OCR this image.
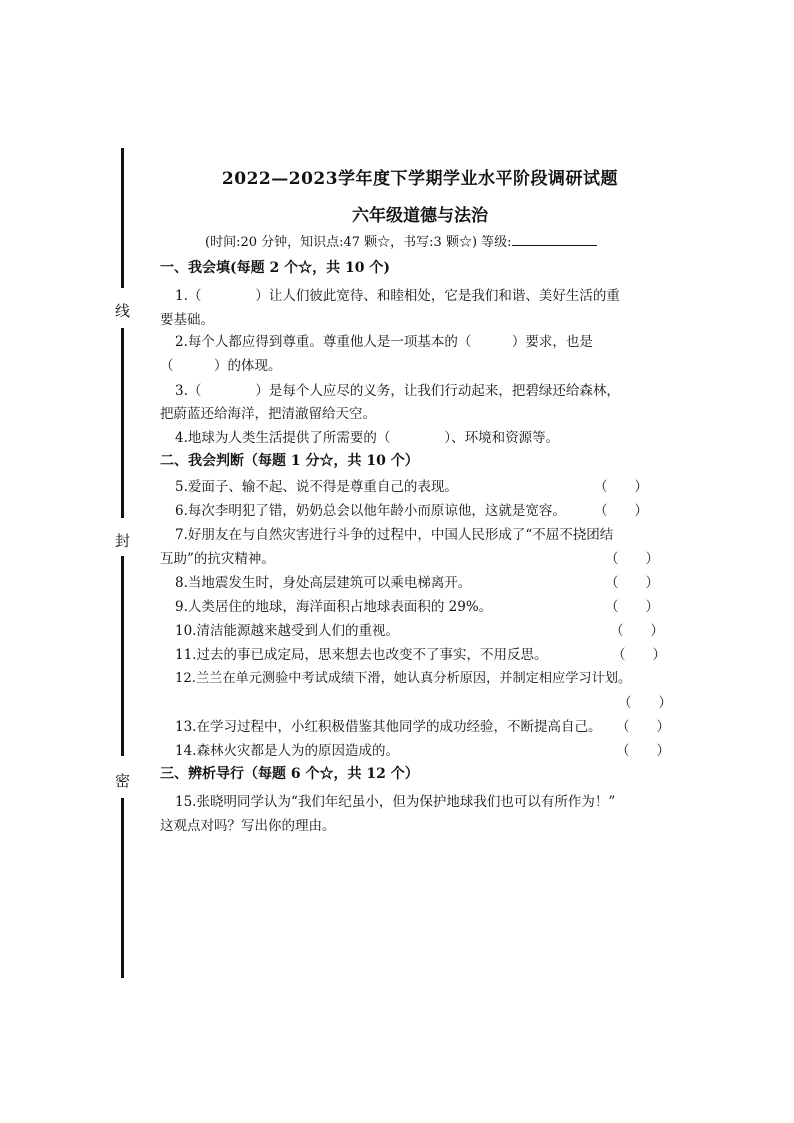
线
封
密
2022—2023学年度下学期学业水平阶段调研试题
六年级道德与法治
(时间:20 分钟，知识点:47 颗☆，书写:3 颗☆) 等级:
一、我会填(每题 2 个☆，共 10 个)
1.（　　　　）让人们彼此宽待、和睦相处，它是我们和谐、美好生活的重
要基础。
2.每个人都应得到尊重。尊重他人是一项基本的（　　　）要求，也是
（　　　）的体现。
3.（　　　　）是每个人应尽的义务，让我们行动起来，把碧绿还给森林，
把蔚蓝还给海洋，把清澈留给天空。
4.地球为人类生活提供了所需要的（　　　　）、环境和资源等。
二、我会判断（每题 1 分☆，共 10 个）
5.爱面子、输不起、说不得是尊重自己的表现。	（　　）
6.每次李明犯了错，奶奶总会以他年龄小而原谅他，这就是宽容。 （　　）
7.好朋友在与自然灾害进行斗争的过程中，中国人民形成了“不屈不挠团结
互助”的抗灾精神。	（　　）
8.当地震发生时，身处高层建筑可以乘电梯离开。	（　　）
9.人类居住的地球，海洋面积占地球表面积的 29%。	（　　）
10.清洁能源越来越受到人们的重视。	（　　）
11.过去的事已成定局，思来想去也改变不了事实，不用反思。	（　　）
12.兰兰在单元测验中考试成绩下滑，她认真分析原因，并制定相应学习计划。
（　　）
13.在学习过程中，小红积极借鉴其他同学的成功经验，不断提高自己。 （　　）
14.森林火灾都是人为的原因造成的。	（　　）
三、辨析导行（每题 6 个☆，共 12 个）
15.张晓明同学认为“我们年纪虽小，但为保护地球我们也可以有所作为！”
这观点对吗？写出你的理由。
